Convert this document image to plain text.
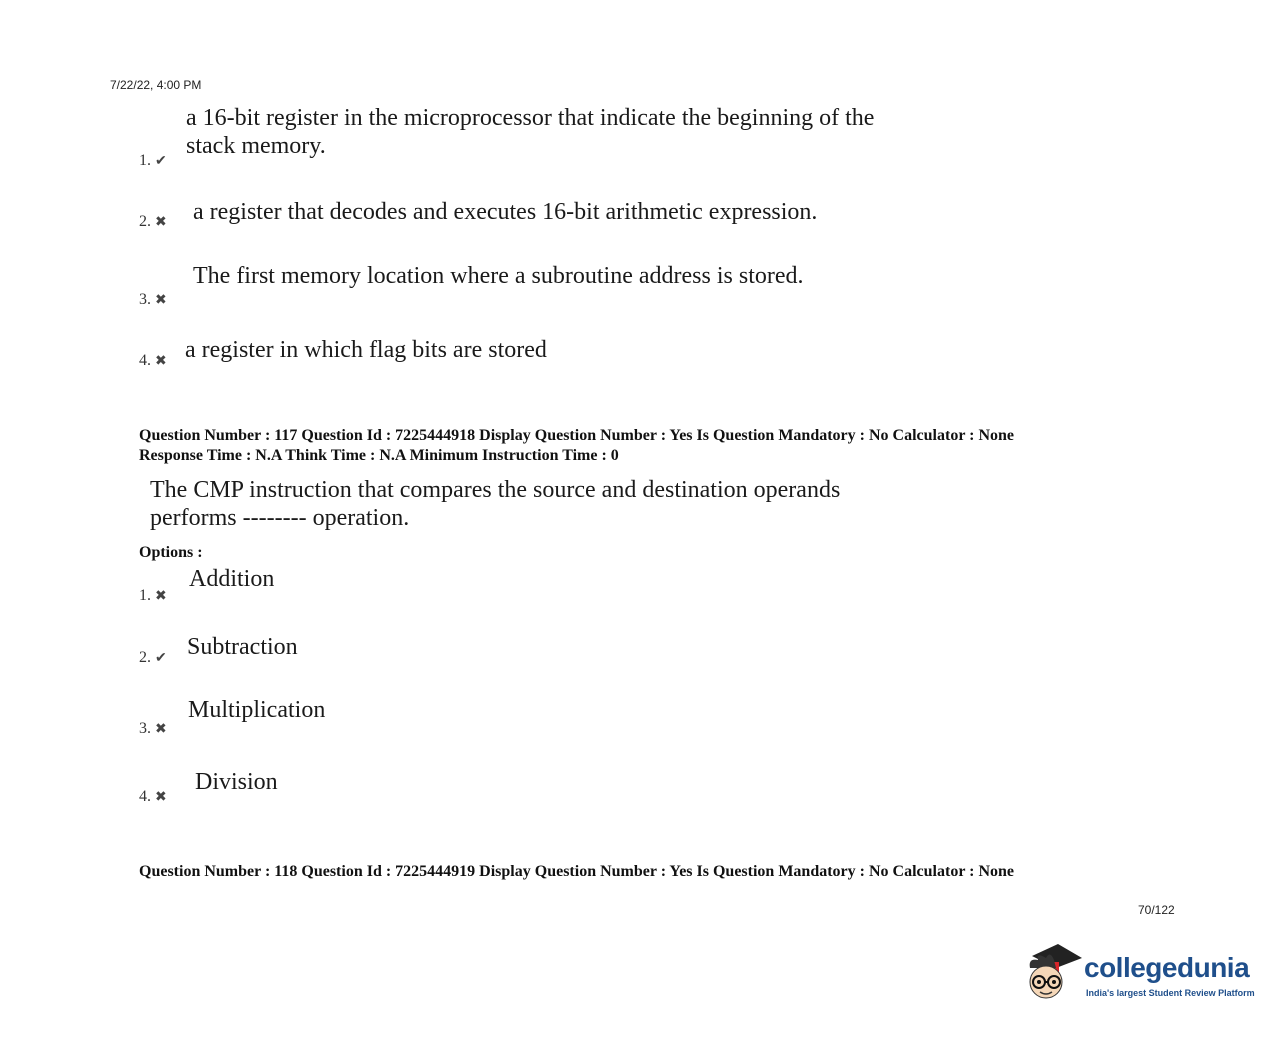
7/22/22, 4:00 PM
a 16-bit register in the microprocessor that indicate the beginning of the
stack memory.
1. ✔
a register that decodes and executes 16-bit arithmetic expression.
2. ✖
The first memory location where a subroutine address is stored.
3. ✖
a register in which flag bits are stored
4. ✖
Question Number : 117 Question Id : 7225444918 Display Question Number : Yes Is Question Mandatory : No Calculator : None
Response Time : N.A Think Time : N.A Minimum Instruction Time : 0
The CMP instruction that compares the source and destination operands
performs -------- operation.
Options :
Addition
1. ✖
Subtraction
2. ✔
Multiplication
3. ✖
Division
4. ✖
Question Number : 118 Question Id : 7225444919 Display Question Number : Yes Is Question Mandatory : No Calculator : None
70/122
collegedunia
India's largest Student Review Platform
